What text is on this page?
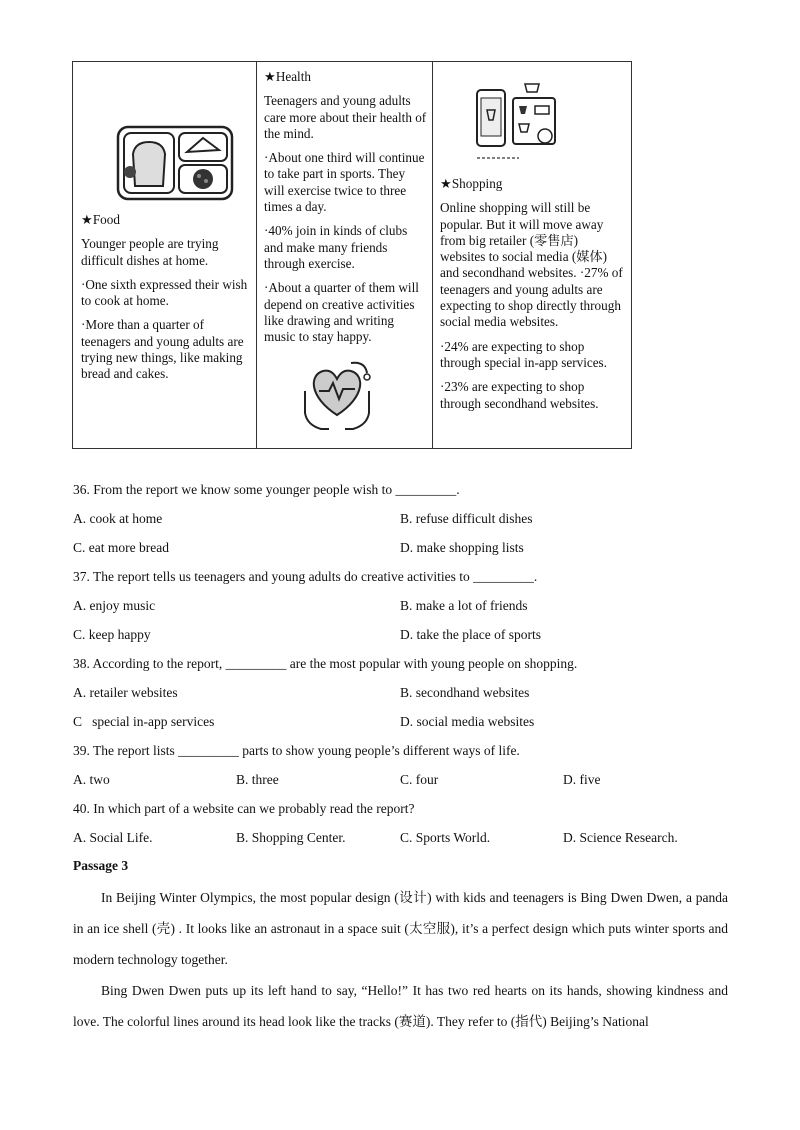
★Food

Younger people are trying difficult dishes at home.

·One sixth expressed their wish to cook at home.

·More than a quarter of teenagers and young adults are trying new things, like making bread and cakes.

★Health

Teenagers and young adults care more about their health of the mind.

·About one third will continue to take part in sports. They will exercise twice to three times a day.

·40% join in kinds of clubs and make many friends through exercise.

·About a quarter of them will depend on creative activities like drawing and writing music to stay happy.

★Shopping

Online shopping will still be popular. But it will move away from big retailer (零售店) websites to social media (媒体) and secondhand websites. ·27% of teenagers and young adults are expecting to shop directly through social media websites.

·24% are expecting to shop through special in-app services.

·23% are expecting to shop through secondhand websites.

36. From the report we know some younger people wish to _________.
A. cook at home	B. refuse difficult dishes
C. eat more bread	D. make shopping lists
37. The report tells us teenagers and young adults do creative activities to _________.
A. enjoy music	B. make a lot of friends
C. keep happy	D. take the place of sports
38. According to the report, _________ are the most popular with young people on shopping.
A. retailer websites	B. secondhand websites
C   special in-app services	D. social media websites
39. The report lists _________ parts to show young people’s different ways of life.
A. two	B. three	C. four	D. five
40. In which part of a website can we probably read the report?
A. Social Life.	B. Shopping Center.	C. Sports World.	D. Science Research.
Passage 3
In Beijing Winter Olympics, the most popular design (设计) with kids and teenagers is Bing Dwen Dwen, a panda in an ice shell (壳) . It looks like an astronaut in a space suit (太空服), it’s a perfect design which puts winter sports and modern technology together.
Bing Dwen Dwen puts up its left hand to say, “Hello!” It has two red hearts on its hands, showing kindness and love. The colorful lines around its head look like the tracks (赛道). They refer to (指代) Beijing’s National
